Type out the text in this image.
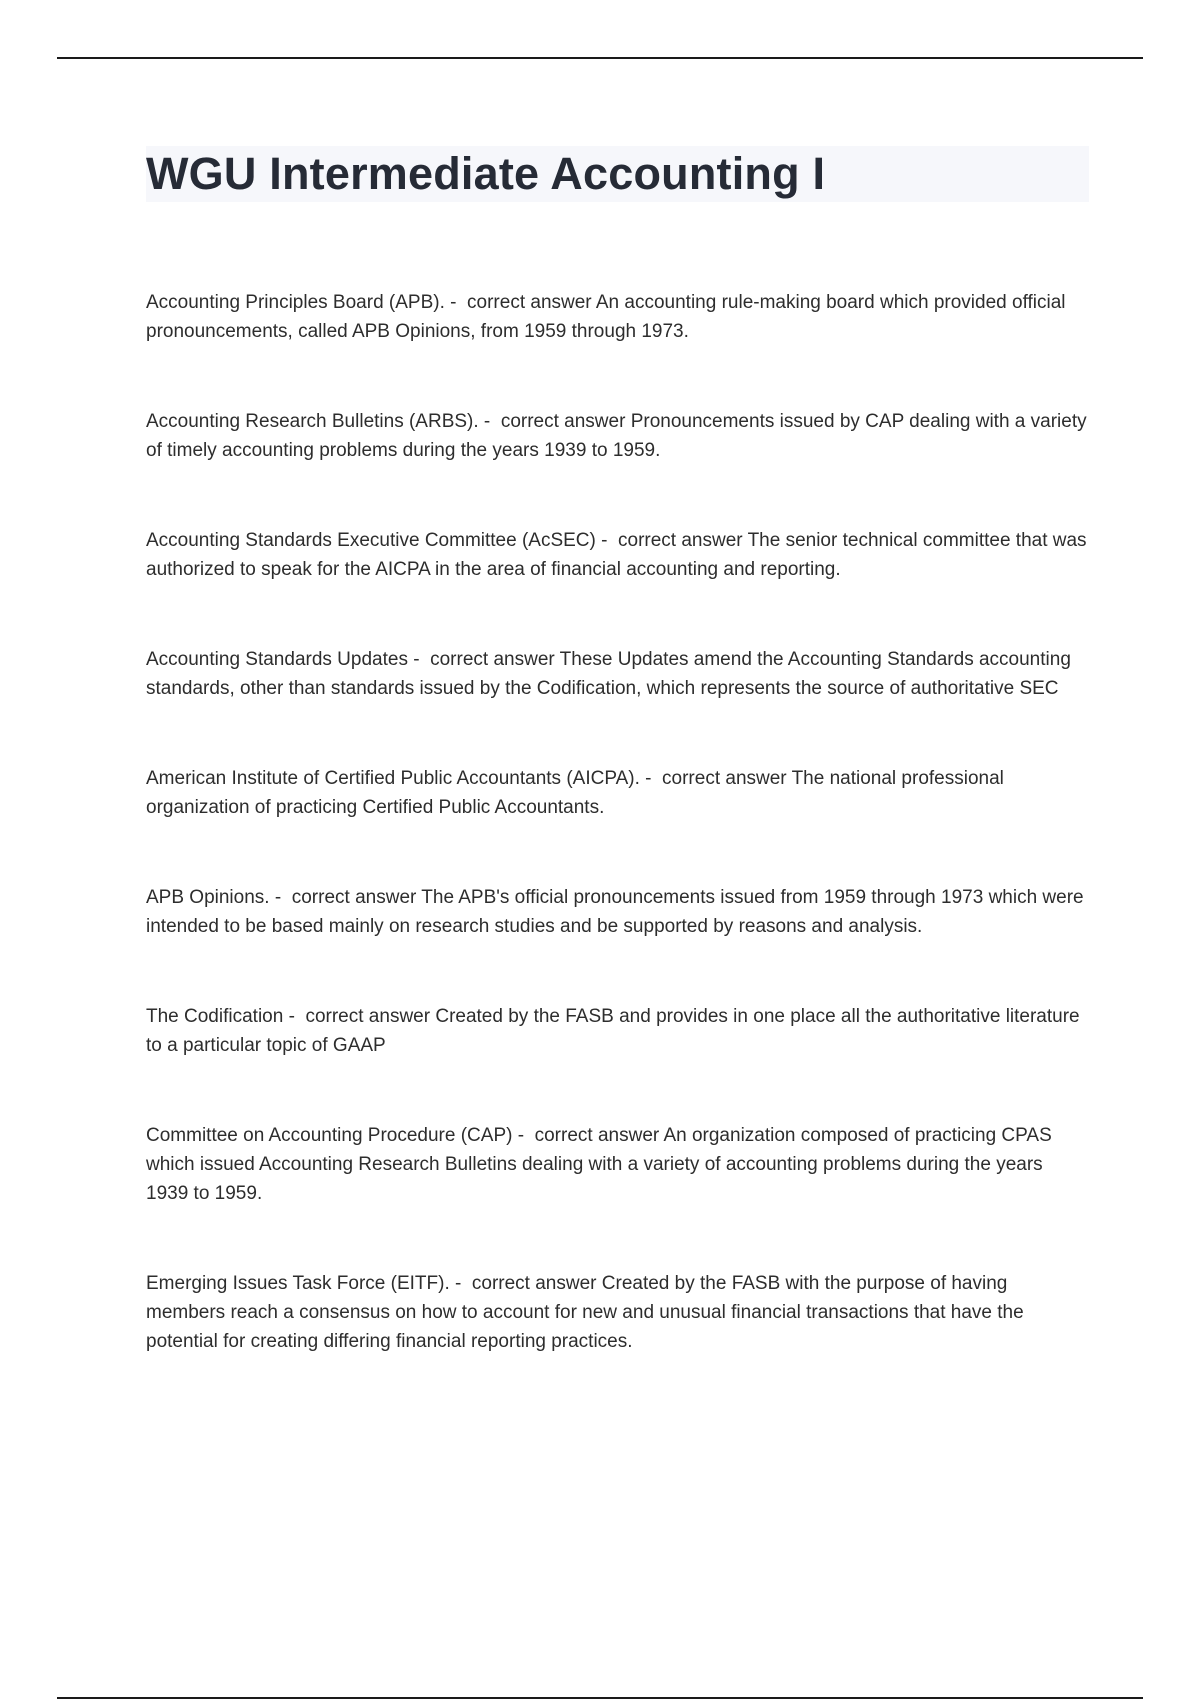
WGU Intermediate Accounting I

Accounting Principles Board (APB). -  correct answer An accounting rule-making board which provided official pronouncements, called APB Opinions, from 1959 through 1973.

Accounting Research Bulletins (ARBS). -  correct answer Pronouncements issued by CAP dealing with a variety of timely accounting problems during the years 1939 to 1959.

Accounting Standards Executive Committee (AcSEC) -  correct answer The senior technical committee that was authorized to speak for the AICPA in the area of financial accounting and reporting.

Accounting Standards Updates -  correct answer These Updates amend the Accounting Standards accounting standards, other than standards issued by the Codification, which represents the source of authoritative SEC

American Institute of Certified Public Accountants (AICPA). -  correct answer The national professional organization of practicing Certified Public Accountants.

APB Opinions. -  correct answer The APB's official pronouncements issued from 1959 through 1973 which were intended to be based mainly on research studies and be supported by reasons and analysis.

The Codification -  correct answer Created by the FASB and provides in one place all the authoritative literature to a particular topic of GAAP

Committee on Accounting Procedure (CAP) -  correct answer An organization composed of practicing CPAS which issued Accounting Research Bulletins dealing with a variety of accounting problems during the years 1939 to 1959.

Emerging Issues Task Force (EITF). -  correct answer Created by the FASB with the purpose of having members reach a consensus on how to account for new and unusual financial transactions that have the potential for creating differing financial reporting practices.
